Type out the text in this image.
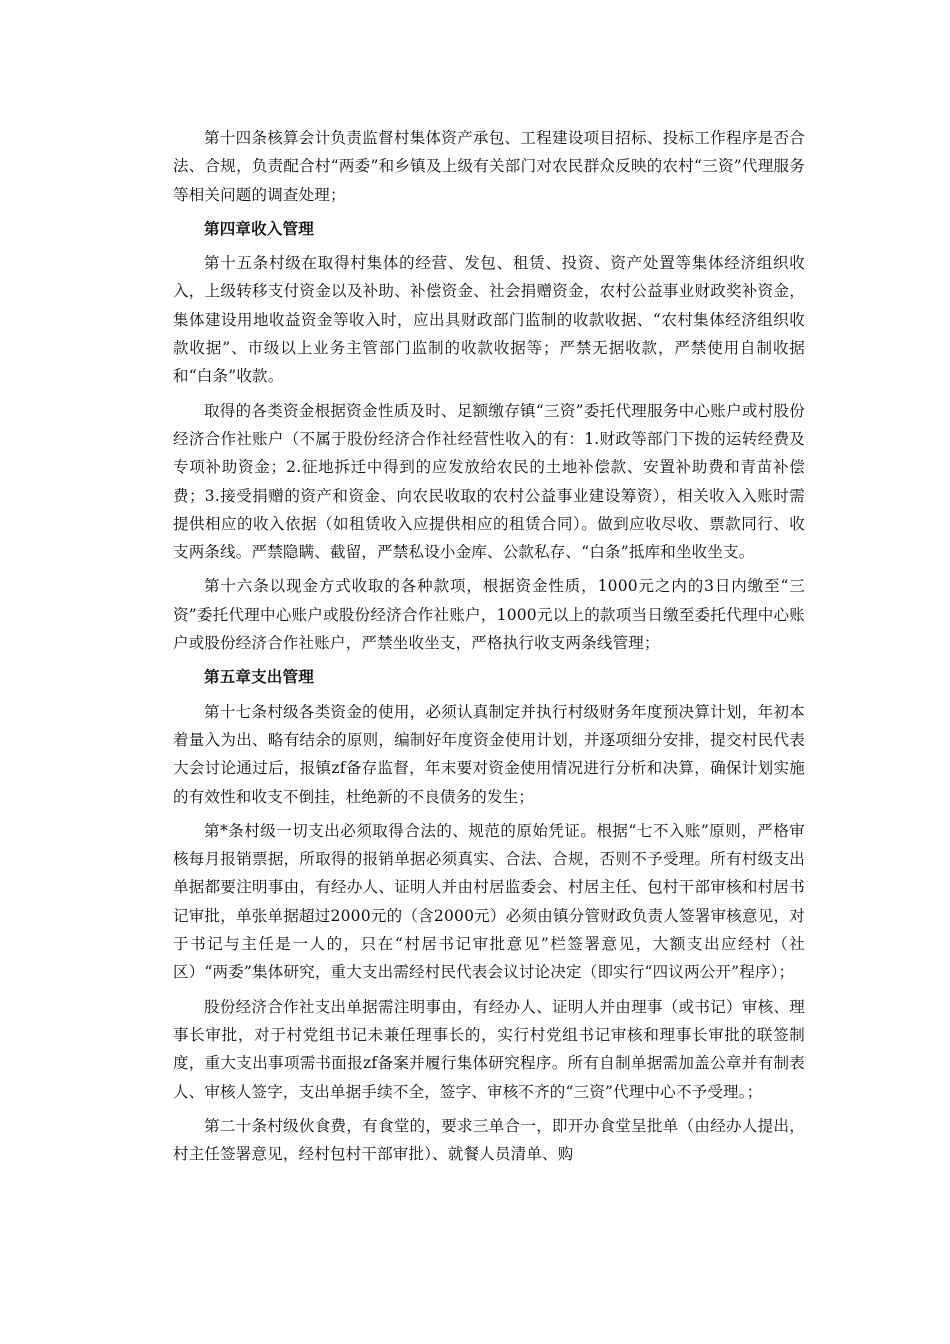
第十四条核算会计负责监督村集体资产承包、工程建设项目招标、投标工作程序是否合法、合规，负责配合村“两委”和乡镇及上级有关部门对农民群众反映的农村“三资”代理服务等相关问题的调查处理；

第四章收入管理

第十五条村级在取得村集体的经营、发包、租赁、投资、资产处置等集体经济组织收入，上级转移支付资金以及补助、补偿资金、社会捐赠资金，农村公益事业财政奖补资金，集体建设用地收益资金等收入时，应出具财政部门监制的收款收据、“农村集体经济组织收款收据”、市级以上业务主管部门监制的收款收据等；严禁无据收款，严禁使用自制收据和“白条”收款。

取得的各类资金根据资金性质及时、足额缴存镇“三资”委托代理服务中心账户或村股份经济合作社账户（不属于股份经济合作社经营性收入的有：1.财政等部门下拨的运转经费及专项补助资金；2.征地拆迁中得到的应发放给农民的土地补偿款、安置补助费和青苗补偿费；3.接受捐赠的资产和资金、向农民收取的农村公益事业建设筹资），相关收入入账时需提供相应的收入依据（如租赁收入应提供相应的租赁合同）。做到应收尽收、票款同行、收支两条线。严禁隐瞒、截留，严禁私设小金库、公款私存、“白条”抵库和坐收坐支。

第十六条以现金方式收取的各种款项，根据资金性质，1000元之内的3日内缴至“三资”委托代理中心账户或股份经济合作社账户，1000元以上的款项当日缴至委托代理中心账户或股份经济合作社账户，严禁坐收坐支，严格执行收支两条线管理；

第五章支出管理

第十七条村级各类资金的使用，必须认真制定并执行村级财务年度预决算计划，年初本着量入为出、略有结余的原则，编制好年度资金使用计划，并逐项细分安排，提交村民代表大会讨论通过后，报镇zf备存监督，年末要对资金使用情况进行分析和决算，确保计划实施的有效性和收支不倒挂，杜绝新的不良债务的发生；

第*条村级一切支出必须取得合法的、规范的原始凭证。根据“七不入账”原则，严格审核每月报销票据，所取得的报销单据必须真实、合法、合规，否则不予受理。所有村级支出单据都要注明事由，有经办人、证明人并由村居监委会、村居主任、包村干部审核和村居书记审批，单张单据超过2000元的（含2000元）必须由镇分管财政负责人签署审核意见，对于书记与主任是一人的，只在“村居书记审批意见”栏签署意见，大额支出应经村（社区）“两委”集体研究，重大支出需经村民代表会议讨论决定（即实行“四议两公开”程序）；

股份经济合作社支出单据需注明事由，有经办人、证明人并由理事（或书记）审核、理事长审批，对于村党组书记未兼任理事长的，实行村党组书记审核和理事长审批的联签制度，重大支出事项需书面报zf备案并履行集体研究程序。所有自制单据需加盖公章并有制表人、审核人签字，支出单据手续不全，签字、审核不齐的“三资”代理中心不予受理。；

第二十条村级伙食费，有食堂的，要求三单合一，即开办食堂呈批单（由经办人提出，村主任签署意见，经村包村干部审批）、就餐人员清单、购
